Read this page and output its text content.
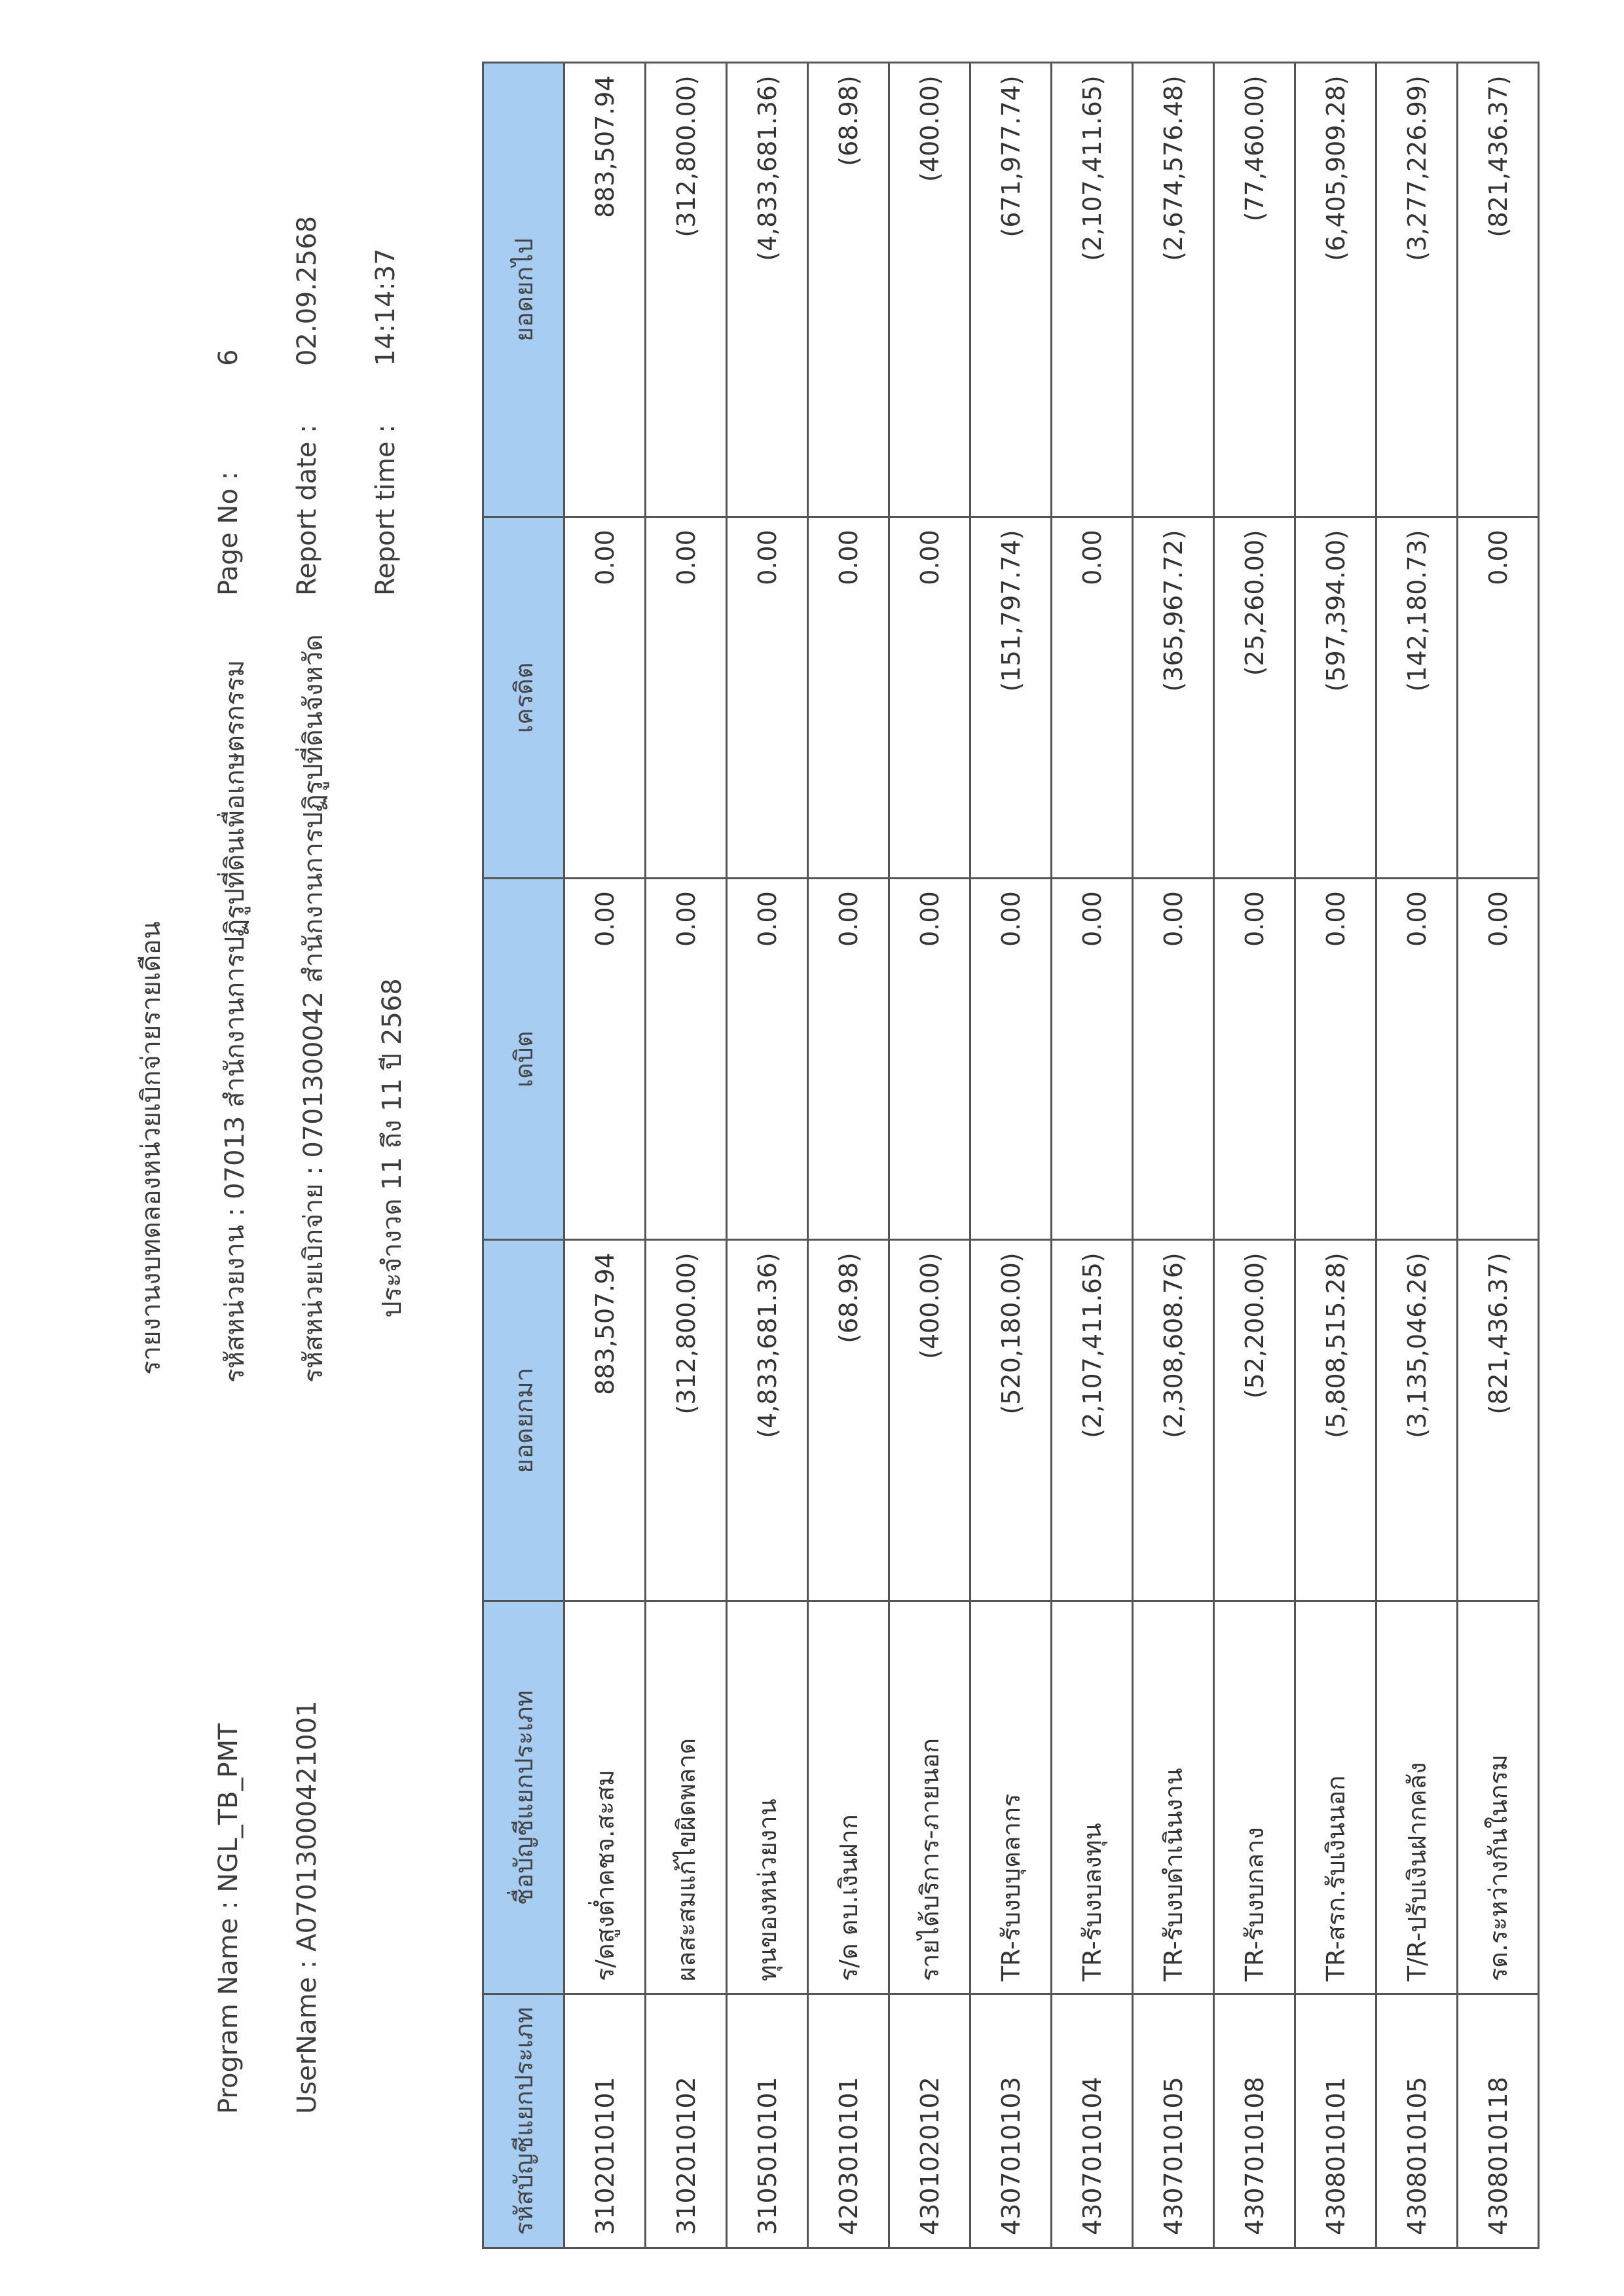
รายงานงบทดลองหน่วยเบิกจ่ายรายเดือน
Program Name : NGL_TB_PMT UserName : A07013000421001
รหัสหน่วยงาน : 07013 สำนักงานการปฏิรูปที่ดินเพื่อเกษตรกรรม รหัสหน่วยเบิกจ่าย : 0701300042 สำนักงานการปฏิรูปที่ดินจังหวัด ประจำงวด 11 ถึง 11 ปี 2568
Page No :
6
Report date :
02.09.2568
Report time :
14:14:37
รหัสบัญชีแยกประเภท	ชื่อบัญชีแยกประเภท	ยอดยกมา	เดบิต	เครดิต	ยอดยกไป
3102010101	ร/ดสูงต่ำคชจ.สะสม	883,507.94	0.00	0.00	883,507.94
3102010102	ผลสะสมแก้ไขผิดพลาด	(312,800.00)	0.00	0.00	(312,800.00)
3105010101	ทุนของหน่วยงาน	(4,833,681.36)	0.00	0.00	(4,833,681.36)
4203010101	ร/ด ดบ.เงินฝาก	(68.98)	0.00	0.00	(68.98)
4301020102	รายได้บริการ-ภายนอก	(400.00)	0.00	0.00	(400.00)
4307010103	TR-รับงบบุคลากร	(520,180.00)	0.00	(151,797.74)	(671,977.74)
4307010104	TR-รับงบลงทุน	(2,107,411.65)	0.00	0.00	(2,107,411.65)
4307010105	TR-รับงบดำเนินงาน	(2,308,608.76)	0.00	(365,967.72)	(2,674,576.48)
4307010108	TR-รับงบกลาง	(52,200.00)	0.00	(25,260.00)	(77,460.00)
4308010101	TR-สรก.รับเงินนอก	(5,808,515.28)	0.00	(597,394.00)	(6,405,909.28)
4308010105	T/R-ปรับเงินฝากคลัง	(3,135,046.26)	0.00	(142,180.73)	(3,277,226.99)
4308010118	รด.ระหว่างกันในกรม	(821,436.37)	0.00	0.00	(821,436.37)
